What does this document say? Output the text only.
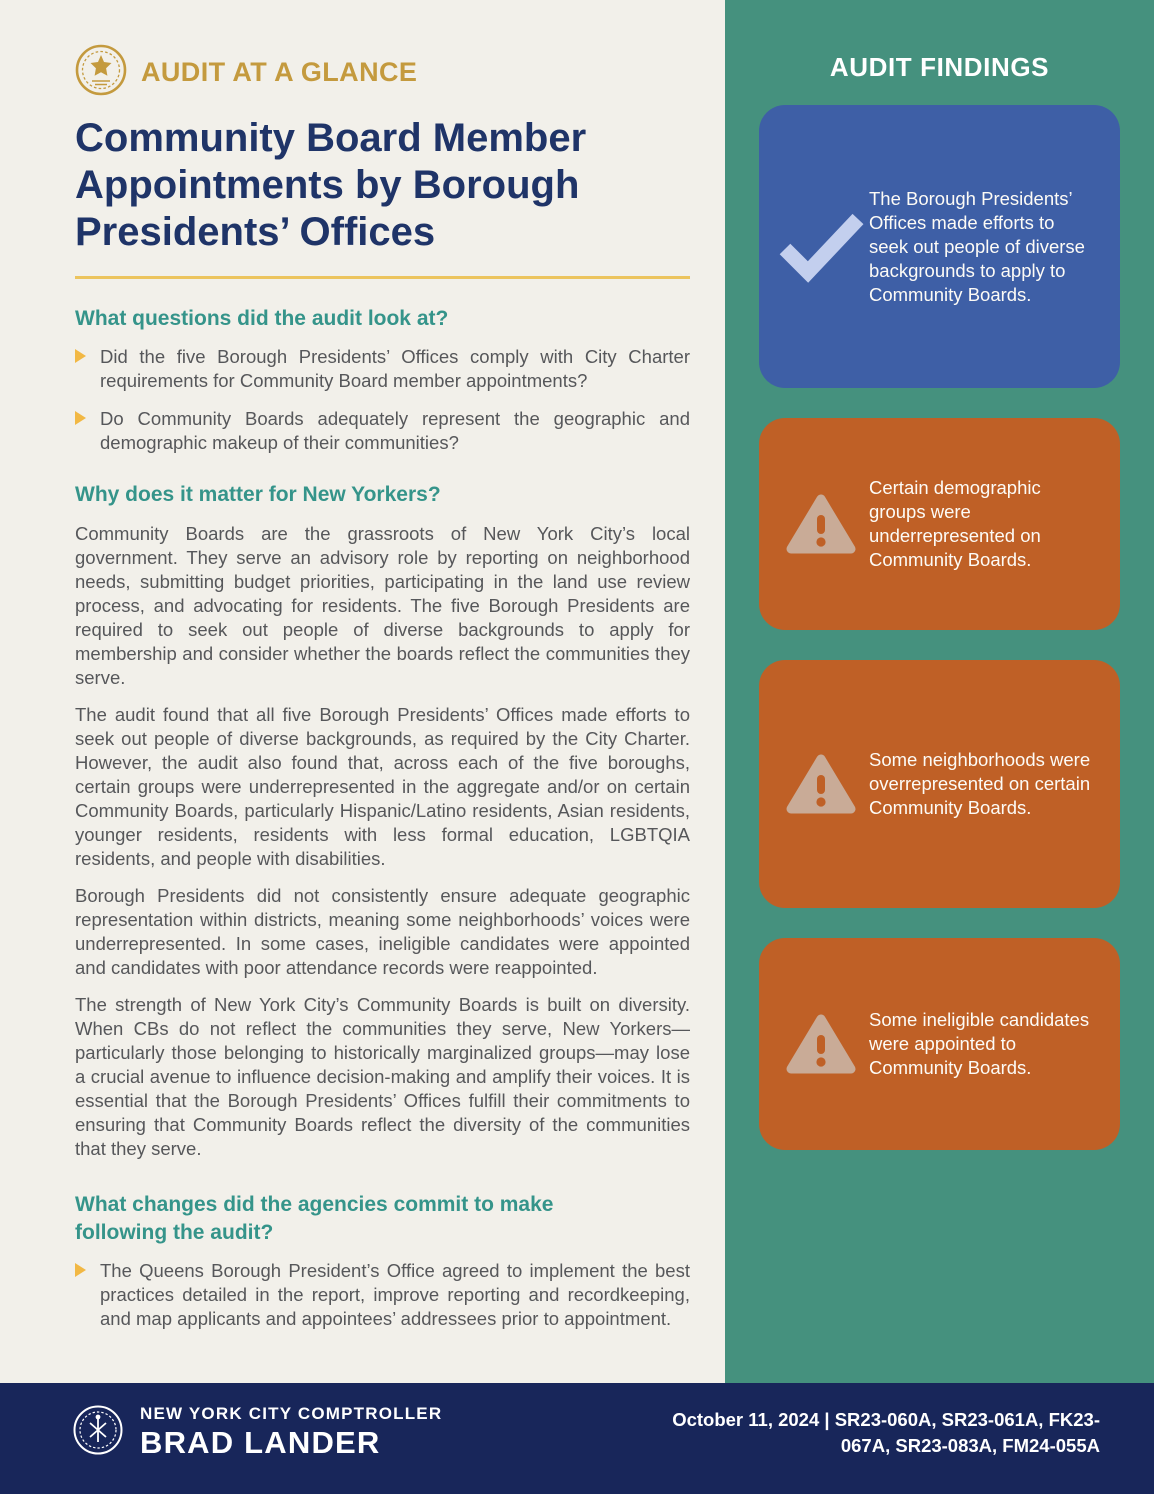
AUDIT AT A GLANCE
Community Board Member
Appointments by Borough
Presidents’ Offices
What questions did the audit look at?

Did the five Borough Presidents’ Offices comply with City Charter requirements for Community Board member appointments?

Do Community Boards adequately represent the geographic and demographic makeup of their communities?

Why does it matter for New Yorkers?

Community Boards are the grassroots of New York City’s local government. They serve an advisory role by reporting on neighborhood needs, submitting budget priorities, participating in the land use review process, and advocating for residents. The five Borough Presidents are required to seek out people of diverse backgrounds to apply for membership and consider whether the boards reflect the communities they serve.

The audit found that all five Borough Presidents’ Offices made efforts to seek out people of diverse backgrounds, as required by the City Charter. However, the audit also found that, across each of the five boroughs, certain groups were underrepresented in the aggregate and/or on certain Community Boards, particularly Hispanic/Latino residents, Asian residents, younger residents, residents with less formal education, LGBTQIA residents, and people with disabilities.

Borough Presidents did not consistently ensure adequate geographic representation within districts, meaning some neighborhoods’ voices were underrepresented. In some cases, ineligible candidates were appointed and candidates with poor attendance records were reappointed.

The strength of New York City’s Community Boards is built on diversity. When CBs do not reflect the communities they serve, New Yorkers—particularly those belonging to historically marginalized groups—may lose a crucial avenue to influence decision-making and amplify their voices. It is essential that the Borough Presidents’ Offices fulfill their commitments to ensuring that Community Boards reflect the diversity of the communities that they serve.

What changes did the agencies commit to make following the audit?

The Queens Borough President’s Office agreed to implement the best practices detailed in the report, improve reporting and recordkeeping, and map applicants and appointees’ addressees prior to appointment.

AUDIT FINDINGS

The Borough Presidents’ Offices made efforts to seek out people of diverse backgrounds to apply to Community Boards.

Certain demographic groups were underrepresented on Community Boards.

Some neighborhoods were overrepresented on certain Community Boards.

Some ineligible candidates were appointed to Community Boards.

NEW YORK CITY COMPTROLLER
BRAD LANDER
October 11, 2024 | SR23-060A, SR23-061A, FK23-
067A, SR23-083A, FM24-055A
